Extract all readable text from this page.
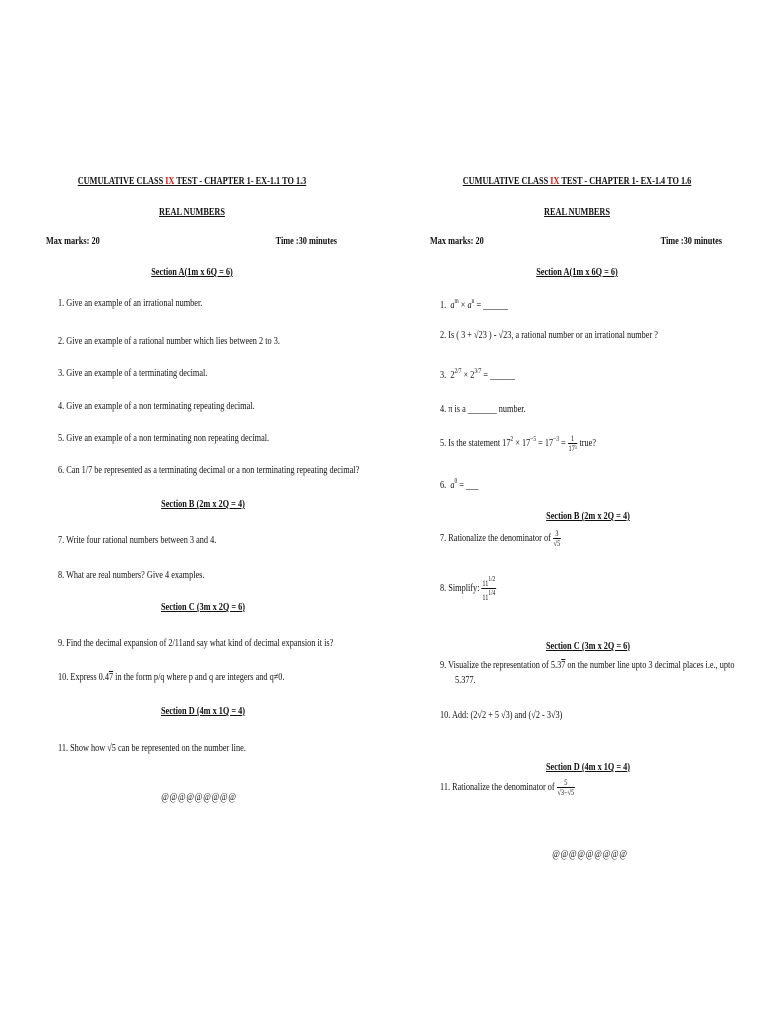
CUMULATIVE CLASS IX TEST - CHAPTER 1- EX-1.1 TO 1.3
REAL NUMBERS
Max marks: 20	Time :30 minutes
Section A(1m x 6Q = 6)
1. Give an example of an irrational number.
2. Give an example of a rational number which lies between 2 to 3.
3. Give an example of a terminating decimal.
4. Give an example of a non terminating repeating decimal.
5. Give an example of a non terminating non repeating decimal.
6. Can 1/7 be represented as a terminating decimal or a non terminating repeating decimal?
Section B (2m x 2Q = 4)
7. Write four rational numbers between 3 and 4.
8. What are real numbers? Give 4 examples.
Section C (3m x 2Q = 6)
9. Find the decimal expansion of 2/11and say what kind of decimal expansion it is?
10. Express 0.47 in the form p/q where p and q are integers and q≠0.
Section D (4m x 1Q = 4)
11. Show how √5 can be represented on the number line.
@@@@@@@@@
CUMULATIVE CLASS IX TEST - CHAPTER 1- EX-1.4 TO 1.6
REAL NUMBERS
Max marks: 20	Time :30 minutes
Section A(1m x 6Q = 6)
1. $a^m \times a^n$ = ______
2. Is ( 3 + √23 ) - √23, a rational number or an irrational number ?
3. $2^{2/7} \times 2^{3/7}$ = ______
4. π is a _______ number.
5. Is the statement $17^2 \times 17^{-5} = 17^{-3} = \frac{1}{\text{17³}}$ true?
6. $a^0$ = ___
Section B (2m x 2Q = 4)
7. Rationalize the denominator of $\frac{3}{√5}$
8. Simplify: $\frac{11^{1/2}}{11^{1/4}}$
Section C (3m x 2Q = 6)
9. Visualize the representation of 5.37 on the number line upto 3 decimal places i.e., upto
5.377.
10. Add: (2√2 + 5 √3) and (√2 - 3√3)
Section D (4m x 1Q = 4)
11. Rationalize the denominator of $\frac{5}{√3-√5}$
@@@@@@@@@
